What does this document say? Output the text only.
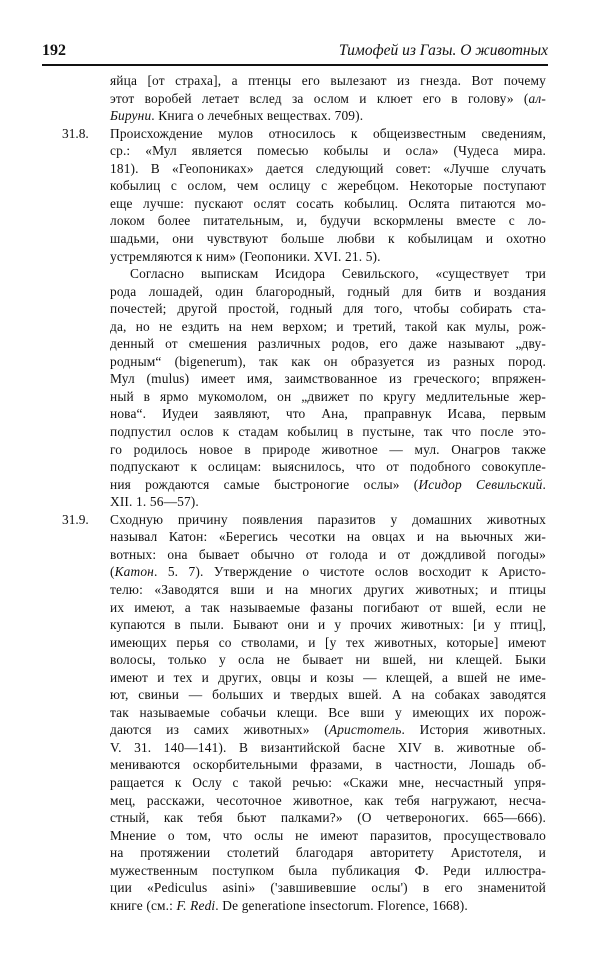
192	Тимофей из Газы. О животных
яйца [от страха], а птенцы его вылезают из гнезда. Вот почему
этот воробей летает вслед за ослом и клюет его в голову» (ал-
Бируни. Книга о лечебных веществах. 709).
Происхождение мулов относилось к общеизвестным сведениям,
ср.: «Мул является помесью кобылы и осла» (Чудеса мира.
181). В «Геопониках» дается следующий совет: «Лучше случать
кобылиц с ослом, чем ослицу с жеребцом. Некоторые поступают
еще лучше: пускают ослят сосать кобылиц. Ослята питаются мо-
локом более питательным, и, будучи вскормлены вместе с ло-
шадьми, они чувствуют больше любви к кобылицам и охотно
устремляются к ним» (Геопоники. XVI. 21. 5).
Согласно выпискам Исидора Севильского, «существует три
рода лошадей, один благородный, годный для битв и воздания
почестей; другой простой, годный для того, чтобы собирать ста-
да, но не ездить на нем верхом; и третий, такой как мулы, рож-
денный от смешения различных родов, его даже называют „дву-
родным“ (bigenerum), так как он образуется из разных пород.
Мул (mulus) имеет имя, заимствованное из греческого; впряжен-
ный в ярмо мукомолом, он „движет по кругу медлительные жер-
нова“. Иудеи заявляют, что Ана, праправнук Исава, первым
подпустил ослов к стадам кобылиц в пустыне, так что после это-
го родилось новое в природе животное — мул. Онагров также
подпускают к ослицам: выяснилось, что от подобного совокупле-
ния рождаются самые быстроногие ослы» (Исидор Севильский.
XII. 1. 56—57).
Сходную причину появления паразитов у домашних животных
называл Катон: «Берегись чесотки на овцах и на вьючных жи-
вотных: она бывает обычно от голода и от дождливой погоды»
(Катон. 5. 7). Утверждение о чистоте ослов восходит к Аристо-
телю: «Заводятся вши и на многих других животных; и птицы
их имеют, а так называемые фазаны погибают от вшей, если не
купаются в пыли. Бывают они и у прочих животных: [и у птиц],
имеющих перья со стволами, и [у тех животных, которые] имеют
волосы, только у осла не бывает ни вшей, ни клещей. Быки
имеют и тех и других, овцы и козы — клещей, а вшей не име-
ют, свиньи — больших и твердых вшей. А на собаках заводятся
так называемые собачьи клещи. Все вши у имеющих их порож-
даются из самих животных» (Аристотель. История животных.
V. 31. 140—141). В византийской басне XIV в. животные об-
мениваются оскорбительными фразами, в частности, Лошадь об-
ращается к Ослу с такой речью: «Скажи мне, несчастный упря-
мец, расскажи, чесоточное животное, как тебя нагружают, несча-
стный, как тебя бьют палками?» (О четвероногих. 665—666).
Мнение о том, что ослы не имеют паразитов, просуществовало
на протяжении столетий благодаря авторитету Аристотеля, и
мужественным поступком была публикация Ф. Реди иллюстра-
ции «Pediculus asini» ('завшивевшие ослы') в его знаменитой
книге (см.: F. Redi. De generatione insectorum. Florence, 1668).
31.8.
31.9.
